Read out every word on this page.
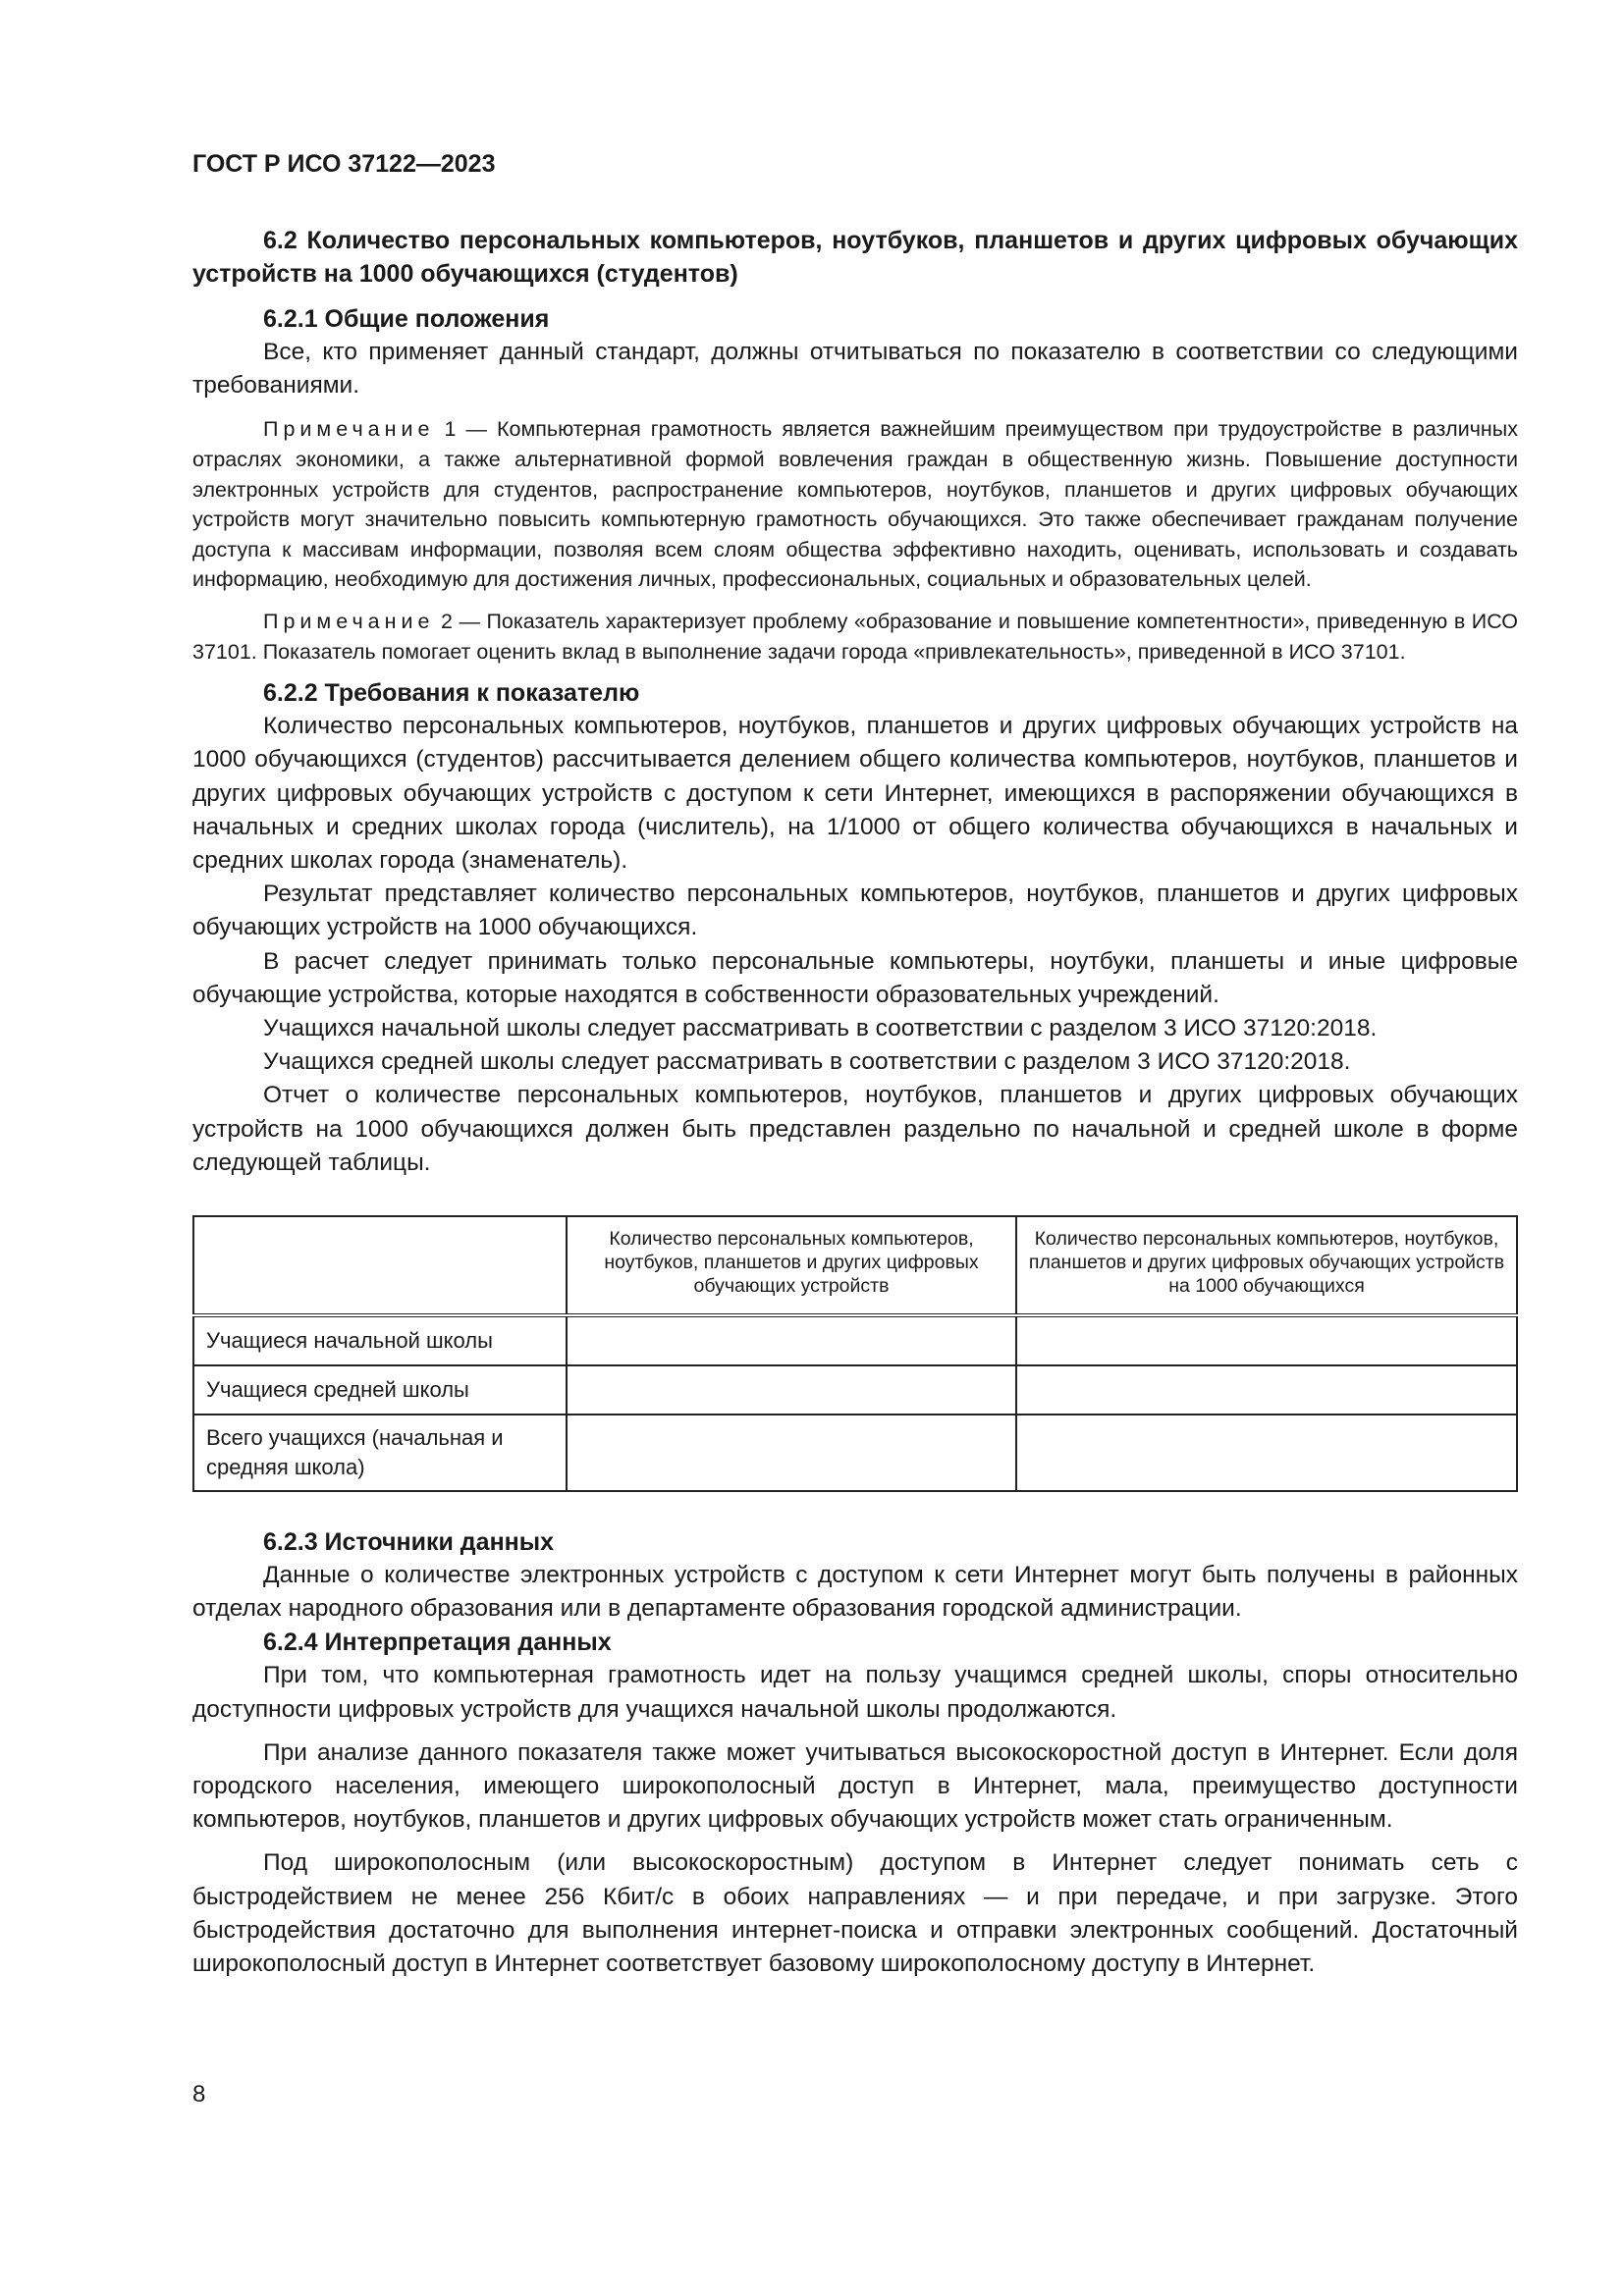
ГОСТ Р ИСО 37122—2023

6.2 Количество персональных компьютеров, ноутбуков, планшетов и других цифровых обучающих устройств на 1000 обучающихся (студентов)

6.2.1 Общие положения

Все, кто применяет данный стандарт, должны отчитываться по показателю в соответствии со следующими требованиями.

Примечание 1 — Компьютерная грамотность является важнейшим преимуществом при трудоустройстве в различных отраслях экономики, а также альтернативной формой вовлечения граждан в общественную жизнь. Повышение доступности электронных устройств для студентов, распространение компьютеров, ноутбуков, планшетов и других цифровых обучающих устройств могут значительно повысить компьютерную грамотность обучающихся. Это также обеспечивает гражданам получение доступа к массивам информации, позволяя всем слоям общества эффективно находить, оценивать, использовать и создавать информацию, необходимую для достижения личных, профессиональных, социальных и образовательных целей.

Примечание 2 — Показатель характеризует проблему «образование и повышение компетентности», приведенную в ИСО 37101. Показатель помогает оценить вклад в выполнение задачи города «привлекательность», приведенной в ИСО 37101.

6.2.2 Требования к показателю

Количество персональных компьютеров, ноутбуков, планшетов и других цифровых обучающих устройств на 1000 обучающихся (студентов) рассчитывается делением общего количества компьютеров, ноутбуков, планшетов и других цифровых обучающих устройств с доступом к сети Интернет, имеющихся в распоряжении обучающихся в начальных и средних школах города (числитель), на 1/1000 от общего количества обучающихся в начальных и средних школах города (знаменатель).

Результат представляет количество персональных компьютеров, ноутбуков, планшетов и других цифровых обучающих устройств на 1000 обучающихся.

В расчет следует принимать только персональные компьютеры, ноутбуки, планшеты и иные цифровые обучающие устройства, которые находятся в собственности образовательных учреждений.

Учащихся начальной школы следует рассматривать в соответствии с разделом 3 ИСО 37120:2018.

Учащихся средней школы следует рассматривать в соответствии с разделом 3 ИСО 37120:2018.

Отчет о количестве персональных компьютеров, ноутбуков, планшетов и других цифровых обучающих устройств на 1000 обучающихся должен быть представлен раздельно по начальной и средней школе в форме следующей таблицы.

	Количество персональных компьютеров, ноутбуков, планшетов и других цифровых обучающих устройств	Количество персональных компьютеров, ноутбуков, планшетов и других цифровых обучающих устройств на 1000 обучающихся
Учащиеся начальной школы		
Учащиеся средней школы		
Всего учащихся (начальная и средняя школа)		

6.2.3 Источники данных

Данные о количестве электронных устройств с доступом к сети Интернет могут быть получены в районных отделах народного образования или в департаменте образования городской администрации.

6.2.4 Интерпретация данных

При том, что компьютерная грамотность идет на пользу учащимся средней школы, споры относительно доступности цифровых устройств для учащихся начальной школы продолжаются.

При анализе данного показателя также может учитываться высокоскоростной доступ в Интернет. Если доля городского населения, имеющего широкополосный доступ в Интернет, мала, преимущество доступности компьютеров, ноутбуков, планшетов и других цифровых обучающих устройств может стать ограниченным.

Под широкополосным (или высокоскоростным) доступом в Интернет следует понимать сеть с быстродействием не менее 256 Кбит/с в обоих направлениях — и при передаче, и при загрузке. Этого быстродействия достаточно для выполнения интернет-поиска и отправки электронных сообщений. Достаточный широкополосный доступ в Интернет соответствует базовому широкополосному доступу в Интернет.

8
